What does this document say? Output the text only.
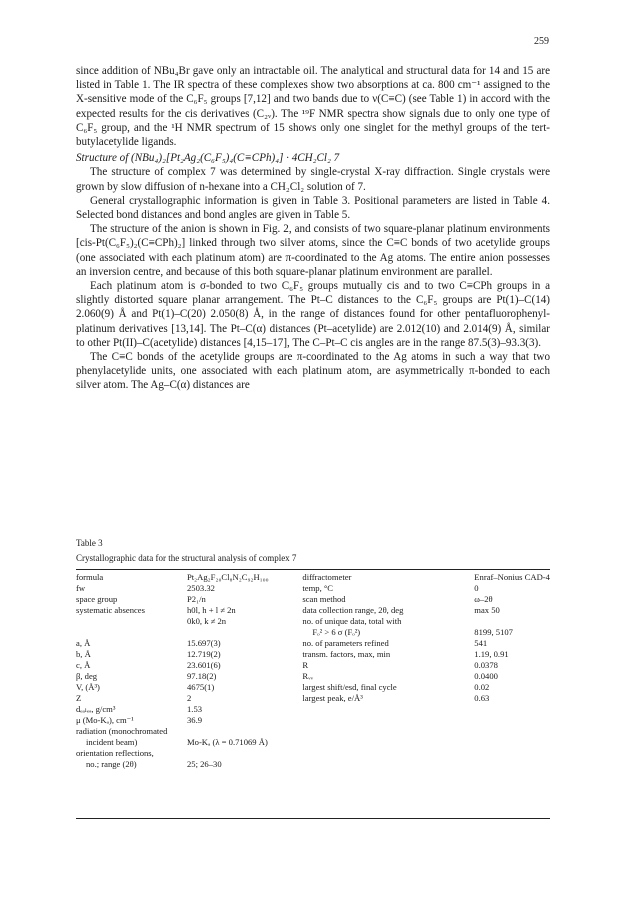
259

since addition of NBu₄Br gave only an intractable oil. The analytical and structural data for 14 and 15 are listed in Table 1. The IR spectra of these complexes show two absorptions at ca. 800 cm⁻¹ assigned to the X-sensitive mode of the C₆F₅ groups [7,12] and two bands due to ν(C≡C) (see Table 1) in accord with the expected results for the cis derivatives (C₂ᵥ). The ¹⁹F NMR spectra show signals due to only one type of C₆F₅ group, and the ¹H NMR spectrum of 15 shows only one singlet for the methyl groups of the tert-butylacetylide ligands.

Structure of (NBu₄)₂[Pt₂Ag₂(C₆F₅)₄(C≡CPh)₄] · 4CH₂Cl₂ 7

The structure of complex 7 was determined by single-crystal X-ray diffraction. Single crystals were grown by slow diffusion of n-hexane into a CH₂Cl₂ solution of 7.

General crystallographic information is given in Table 3. Positional parameters are listed in Table 4. Selected bond distances and bond angles are given in Table 5.

The structure of the anion is shown in Fig. 2, and consists of two square-planar platinum environments [cis-Pt(C₆F₅)₂(C≡CPh)₂] linked through two silver atoms, since the C≡C bonds of two acetylide groups (one associated with each platinum atom) are π-coordinated to the Ag atoms. The entire anion possesses an inversion centre, and because of this both square-planar platinum environment are parallel.

Each platinum atom is σ-bonded to two C₆F₅ groups mutually cis and to two C≡CPh groups in a slightly distorted square planar arrangement. The Pt–C distances to the C₆F₅ groups are Pt(1)–C(14) 2.060(9) Å and Pt(1)–C(20) 2.050(8) Å, in the range of distances found for other pentafluorophenyl-platinum derivatives [13,14]. The Pt–C(α) distances (Pt–acetylide) are 2.012(10) and 2.014(9) Å, similar to other Pt(II)–C(acetylide) distances [4,15–17], The C–Pt–C cis angles are in the range 87.5(3)–93.3(3).

The C≡C bonds of the acetylide groups are π-coordinated to the Ag atoms in such a way that two phenylacetylide units, one associated with each platinum atom, are asymmetrically π-bonded to each silver atom. The Ag–C(α) distances are

Table 3
Crystallographic data for the structural analysis of complex 7
formula	Pt₂Ag₂F₂₀Cl₈N₂C₉₂H₁₀₀	diffractometer	Enraf–Nonius CAD-4
fw	2503.32	temp, °C	0
space group	P2₁/n	scan method	ω–2θ
systematic absences	h0l, h + l ≠ 2n	data collection range, 2θ, deg	max 50
	0k0, k ≠ 2n	no. of unique data, total with	
		Fₒ² > 6 σ (Fₒ²)	8199, 5107
a, Å	15.697(3)	no. of parameters refined	541
b, Å	12.719(2)	transm. factors, max, min	1.19, 0.91
c, Å	23.601(6)	R	0.0378
β, deg	97.18(2)	Rᵥᵥ	0.0400
V, (Å³)	4675(1)	largest shift/esd, final cycle	0.02
Z	2	largest peak, e/Å³	0.63
dₑₐₗₑₔ, g/cm³	1.53		
μ (Mo-Kₐ), cm⁻¹	36.9		
radiation (monochromated			
incident beam)	Mo-Kₐ (λ = 0.71069 Å)		
orientation reflections,			
no.; range (2θ)	25; 26–30		
